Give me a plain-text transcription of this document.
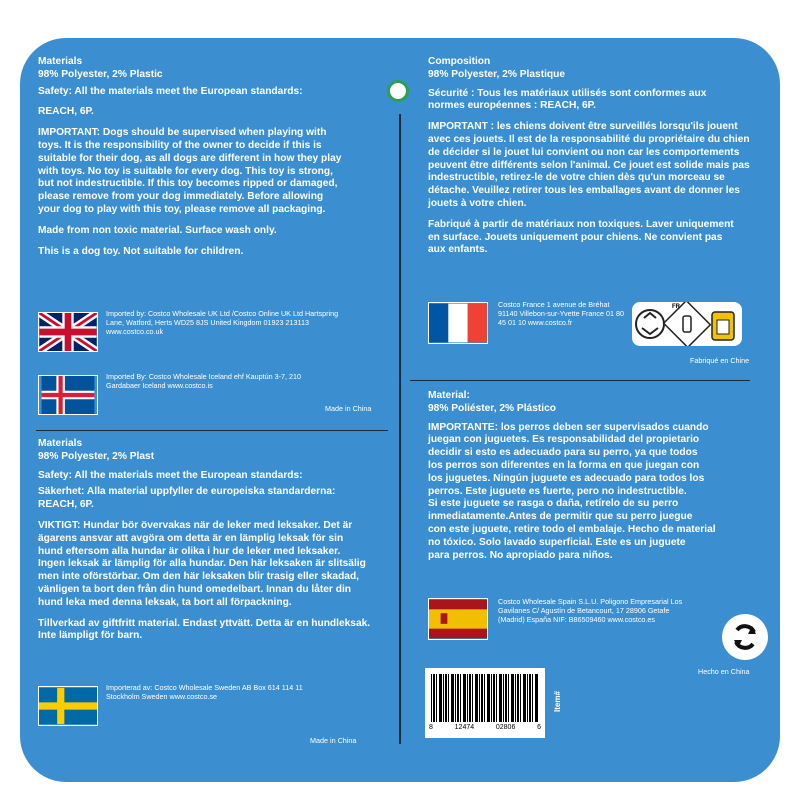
Materials

98% Polyester, 2% Plastic

Safety: All the materials meet the European standards:

REACH, 6P.

IMPORTANT: Dogs should be supervised when playing with
toys. It is the responsibility of the owner to decide if this is
suitable for their dog, as all dogs are different in how they play
with toys. No toy is suitable for every dog. This toy is strong,
but not indestructible. If this toy becomes ripped or damaged,
please remove from your dog immediately. Before allowing
your dog to play with this toy, please remove all packaging.

Made from non toxic material. Surface wash only.

This is a dog toy. Not suitable for children.

Imported by: Costco Wholesale UK Ltd /Costco Online UK Ltd Hartspring Lane, Watford, Herts WD25 8JS United Kingdom 01923 213113 www.costco.co.uk
Imported By: Costco Wholesale Iceland ehf Kauptún 3-7, 210 Gardabaer Iceland www.costco.is
Made in China
Materials

98% Polyester, 2% Plast

Safety: All the materials meet the European standards:

Säkerhet: Alla material uppfyller de europeiska standarderna:
REACH, 6P.

VIKTIGT: Hundar bör övervakas när de leker med leksaker. Det är
ägarens ansvar att avgöra om detta är en lämplig leksak för sin
hund eftersom alla hundar är olika i hur de leker med leksaker.
Ingen leksak är lämplig för alla hundar. Den här leksaken är slitsälig
men inte oförstörbar. Om den här leksaken blir trasig eller skadad,
vänligen ta bort den från din hund omedelbart. Innan du låter din
hund leka med denna leksak, ta bort all förpackning.

Tillverkad av giftfritt material. Endast yttvätt. Detta är en hundleksak.
Inte lämpligt för barn.

Importerad av: Costco Wholesale Sweden AB Box 614 114 11 Stockholm Sweden www.costco.se
Made in China
Composition

98% Polyester, 2% Plastique

Sécurité : Tous les matériaux utilisés sont conformes aux
normes européennes : REACH, 6P.

IMPORTANT : les chiens doivent être surveillés lorsqu'ils jouent
avec ces jouets. Il est de la responsabilité du propriétaire du chien
de décider si le jouet lui convient ou non car les comportements
peuvent être différents selon l'animal. Ce jouet est solide mais pas
indestructible, retirez-le de votre chien dès qu'un morceau se
détache. Veuillez retirer tous les emballages avant de donner les
jouets à votre chien.

Fabriqué à partir de matériaux non toxiques. Laver uniquement
en surface. Jouets uniquement pour chiens. Ne convient pas
aux enfants.

Costco France 1 avenue de Bréhat 91140 Villebon-sur-Yvette France 01 80 45 01 10 www.costco.fr
FR
Fabriqué en Chine
Material:

98% Poliéster, 2% Plástico

IMPORTANTE: los perros deben ser supervisados cuando
juegan con juguetes. Es responsabilidad del propietario
decidir si esto es adecuado para su perro, ya que todos
los perros son diferentes en la forma en que juegan con
los juguetes. Ningún juguete es adecuado para todos los
perros. Este juguete es fuerte, pero no indestructible.
Si este juguete se rasga o daña, retírelo de su perro
inmediatamente.Antes de permitir que su perro juegue
con este juguete, retire todo el embalaje. Hecho de material
no tóxico. Solo lavado superficial. Este es un juguete
para perros. No apropiado para niños.

Costco Wholesale Spain S.L.U. Poligono Empresarial Los Gavilanes C/ Agustín de Betancourt, 17 28906 Getafe (Madrid) España NIF: B86509460 www.costco.es
Hecho en China
8	12474	02806	6
Item#
